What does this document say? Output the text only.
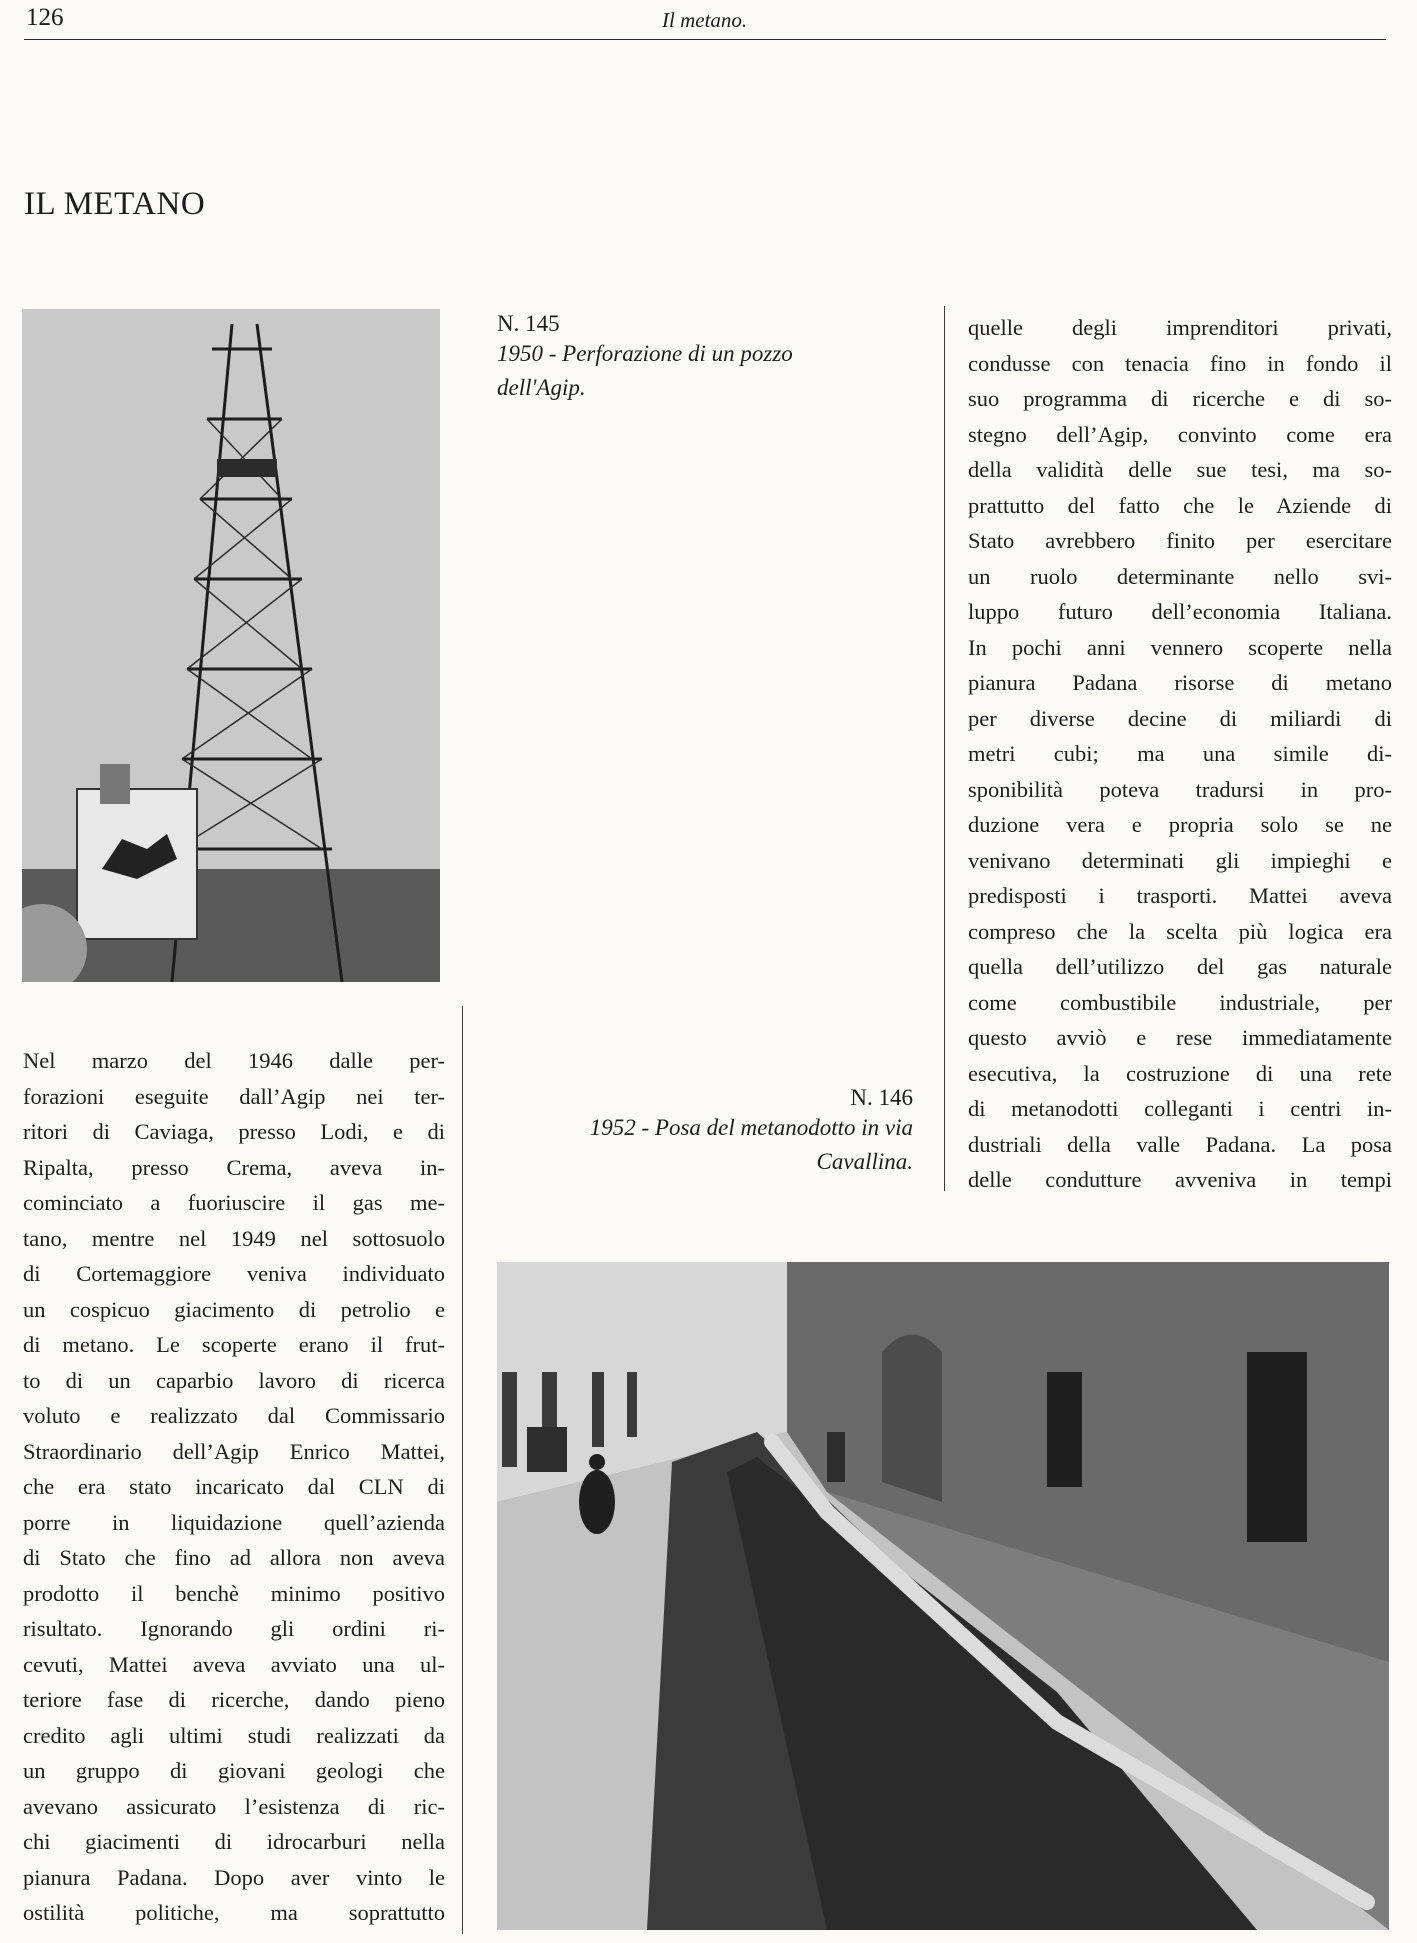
126	Il metano.
IL METANO
N. 145
1950 - Perforazione di un pozzo
dell'Agip.
N. 146
1952 - Posa del metanodotto in via
Cavallina.
Nel marzo del 1946 dalle per-
forazioni eseguite dall’Agip nei ter-
ritori di Caviaga, presso Lodi, e di
Ripalta, presso Crema, aveva in-
cominciato a fuoriuscire il gas me-
tano, mentre nel 1949 nel sottosuolo
di Cortemaggiore veniva individuato
un cospicuo giacimento di petrolio e
di metano. Le scoperte erano il frut-
to di un caparbio lavoro di ricerca
voluto e realizzato dal Commissario
Straordinario dell’Agip Enrico Mattei,
che era stato incaricato dal CLN di
porre in liquidazione quell’azienda
di Stato che fino ad allora non aveva
prodotto il benchè minimo positivo
risultato. Ignorando gli ordini ri-
cevuti, Mattei aveva avviato una ul-
teriore fase di ricerche, dando pieno
credito agli ultimi studi realizzati da
un gruppo di giovani geologi che
avevano assicurato l’esistenza di ric-
chi giacimenti di idrocarburi nella
pianura Padana. Dopo aver vinto le
ostilità politiche, ma soprattutto
quelle degli imprenditori privati,
condusse con tenacia fino in fondo il
suo programma di ricerche e di so-
stegno dell’Agip, convinto come era
della validità delle sue tesi, ma so-
prattutto del fatto che le Aziende di
Stato avrebbero finito per esercitare
un ruolo determinante nello svi-
luppo futuro dell’economia Italiana.
In pochi anni vennero scoperte nella
pianura Padana risorse di metano
per diverse decine di miliardi di
metri cubi; ma una simile di-
sponibilità poteva tradursi in pro-
duzione vera e propria solo se ne
venivano determinati gli impieghi e
predisposti i trasporti. Mattei aveva
compreso che la scelta più logica era
quella dell’utilizzo del gas naturale
come combustibile industriale, per
questo avviò e rese immediatamente
esecutiva, la costruzione di una rete
di metanodotti colleganti i centri in-
dustriali della valle Padana. La posa
delle condutture avveniva in tempi
